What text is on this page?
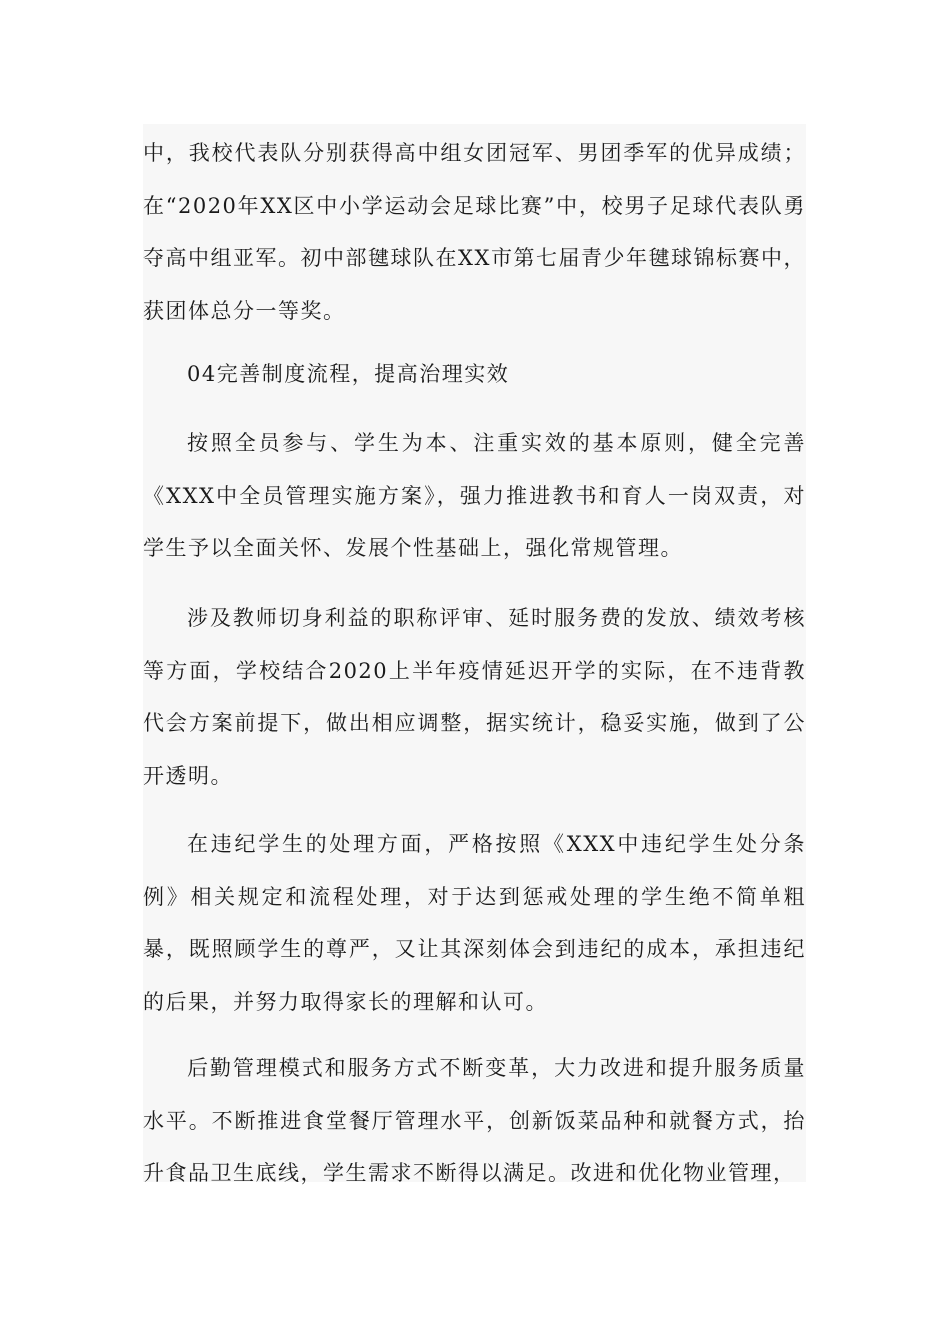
中，我校代表队分别获得高中组女团冠军、男团季军的优异成绩；在“2020年XX区中小学运动会足球比赛”中，校男子足球代表队勇夺高中组亚军。初中部毽球队在XX市第七届青少年毽球锦标赛中，获团体总分一等奖。

04完善制度流程，提高治理实效

按照全员参与、学生为本、注重实效的基本原则，健全完善《XXX中全员管理实施方案》，强力推进教书和育人一岗双责，对学生予以全面关怀、发展个性基础上，强化常规管理。

涉及教师切身利益的职称评审、延时服务费的发放、绩效考核等方面，学校结合2020上半年疫情延迟开学的实际，在不违背教代会方案前提下，做出相应调整，据实统计，稳妥实施，做到了公开透明。

在违纪学生的处理方面，严格按照《XXX中违纪学生处分条例》相关规定和流程处理，对于达到惩戒处理的学生绝不简单粗暴，既照顾学生的尊严，又让其深刻体会到违纪的成本，承担违纪的后果，并努力取得家长的理解和认可。

后勤管理模式和服务方式不断变革，大力改进和提升服务质量水平。不断推进食堂餐厅管理水平，创新饭菜品种和就餐方式，抬升食品卫生底线，学生需求不断得以满足。改进和优化物业管理，
